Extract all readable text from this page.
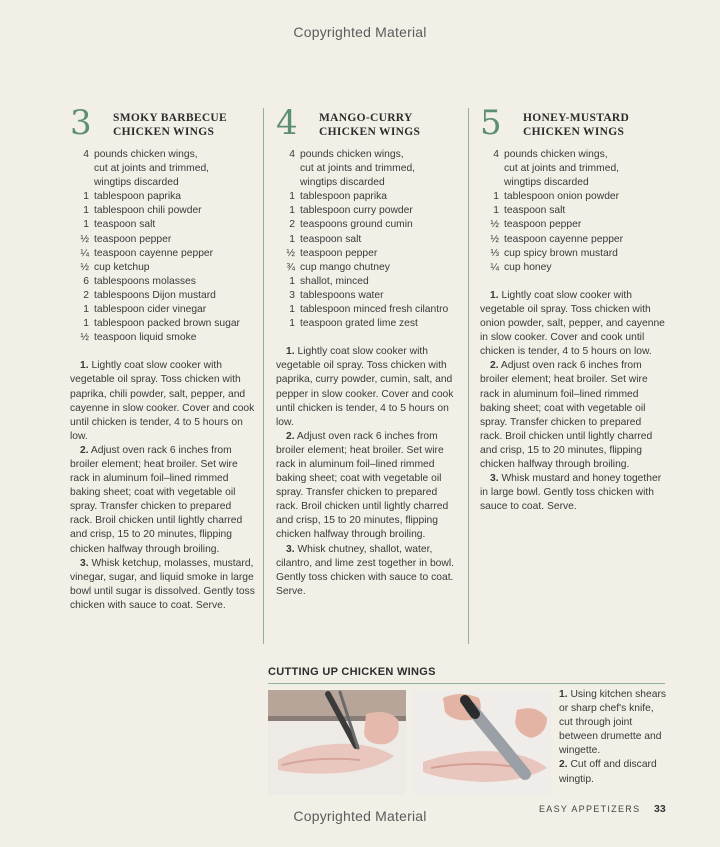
Copyrighted Material
3	SMOKY BARBECUE
CHICKEN WINGS
4 pounds chicken wings,
cut at joints and trimmed,
wingtips discarded
1 tablespoon paprika
1 tablespoon chili powder
1 teaspoon salt
½ teaspoon pepper
¼ teaspoon cayenne pepper
½ cup ketchup
6 tablespoons molasses
2 tablespoons Dijon mustard
1 tablespoon cider vinegar
1 tablespoon packed brown sugar
½ teaspoon liquid smoke
1. Lightly coat slow cooker with vegetable oil spray. Toss chicken with paprika, chili powder, salt, pepper, and cayenne in slow cooker. Cover and cook until chicken is tender, 4 to 5 hours on low.
2. Adjust oven rack 6 inches from broiler element; heat broiler. Set wire rack in aluminum foil–lined rimmed baking sheet; coat with vegetable oil spray. Transfer chicken to prepared rack. Broil chicken until lightly charred and crisp, 15 to 20 minutes, flipping chicken halfway through broiling.
3. Whisk ketchup, molasses, mustard, vinegar, sugar, and liquid smoke in large bowl until sugar is dissolved. Gently toss chicken with sauce to coat. Serve.
4	MANGO-CURRY
CHICKEN WINGS
4 pounds chicken wings,
cut at joints and trimmed,
wingtips discarded
1 tablespoon paprika
1 tablespoon curry powder
2 teaspoons ground cumin
1 teaspoon salt
½ teaspoon pepper
¾ cup mango chutney
1 shallot, minced
3 tablespoons water
1 tablespoon minced fresh cilantro
1 teaspoon grated lime zest
1. Lightly coat slow cooker with vegetable oil spray. Toss chicken with paprika, curry powder, cumin, salt, and pepper in slow cooker. Cover and cook until chicken is tender, 4 to 5 hours on low.
2. Adjust oven rack 6 inches from broiler element; heat broiler. Set wire rack in aluminum foil–lined rimmed baking sheet; coat with vegetable oil spray. Transfer chicken to prepared rack. Broil chicken until lightly charred and crisp, 15 to 20 minutes, flipping chicken halfway through broiling.
3. Whisk chutney, shallot, water, cilantro, and lime zest together in bowl. Gently toss chicken with sauce to coat. Serve.
5	HONEY-MUSTARD
CHICKEN WINGS
4 pounds chicken wings,
cut at joints and trimmed,
wingtips discarded
1 tablespoon onion powder
1 teaspoon salt
½ teaspoon pepper
½ teaspoon cayenne pepper
⅓ cup spicy brown mustard
¼ cup honey
1. Lightly coat slow cooker with vegetable oil spray. Toss chicken with onion powder, salt, pepper, and cayenne in slow cooker. Cover and cook until chicken is tender, 4 to 5 hours on low.
2. Adjust oven rack 6 inches from broiler element; heat broiler. Set wire rack in aluminum foil–lined rimmed baking sheet; coat with vegetable oil spray. Transfer chicken to prepared rack. Broil chicken until lightly charred and crisp, 15 to 20 minutes, flipping chicken halfway through broiling.
3. Whisk mustard and honey together in large bowl. Gently toss chicken with sauce to coat. Serve.
CUTTING UP CHICKEN WINGS
1. Using kitchen shears
or sharp chef's knife,
cut through joint
between drumette and
wingette.
2. Cut off and discard
wingtip.
EASY APPETIZERS 33
Copyrighted Material
